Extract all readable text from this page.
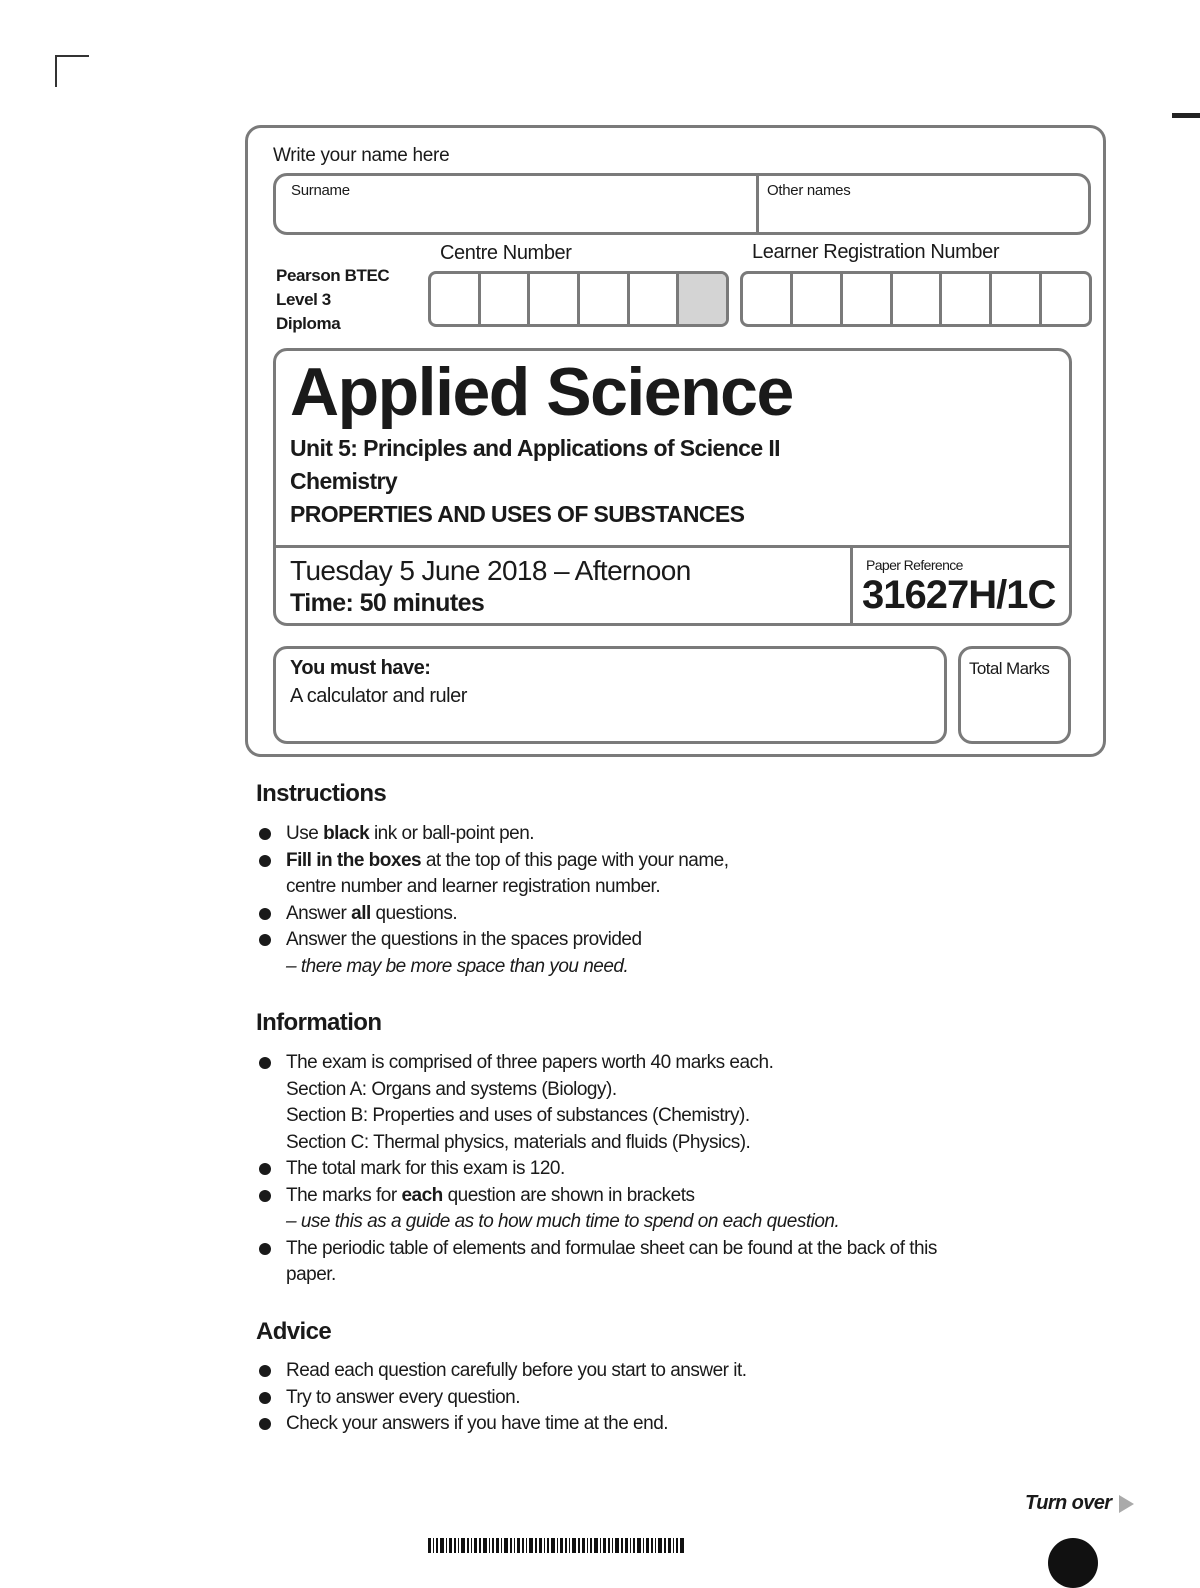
Write your name here
Surname	Other names
Pearson BTEC
Level 3
Diploma
Centre Number	Learner Registration Number
Applied Science
Unit 5: Principles and Applications of Science II
Chemistry
PROPERTIES AND USES OF SUBSTANCES
Tuesday 5 June 2018 – Afternoon
Time: 50 minutes
Paper Reference
31627H/1C
You must have:
A calculator and ruler
Total Marks
Instructions
Use black ink or ball-point pen.
Fill in the boxes at the top of this page with your name,
centre number and learner registration number.
Answer all questions.
Answer the questions in the spaces provided
– there may be more space than you need.
Information
The exam is comprised of three papers worth 40 marks each.
Section A: Organs and systems (Biology).
Section B: Properties and uses of substances (Chemistry).
Section C: Thermal physics, materials and fluids (Physics).
The total mark for this exam is 120.
The marks for each question are shown in brackets
– use this as a guide as to how much time to spend on each question.
The periodic table of elements and formulae sheet can be found at the back of this
paper.
Advice
Read each question carefully before you start to answer it.
Try to answer every question.
Check your answers if you have time at the end.
Turn over
